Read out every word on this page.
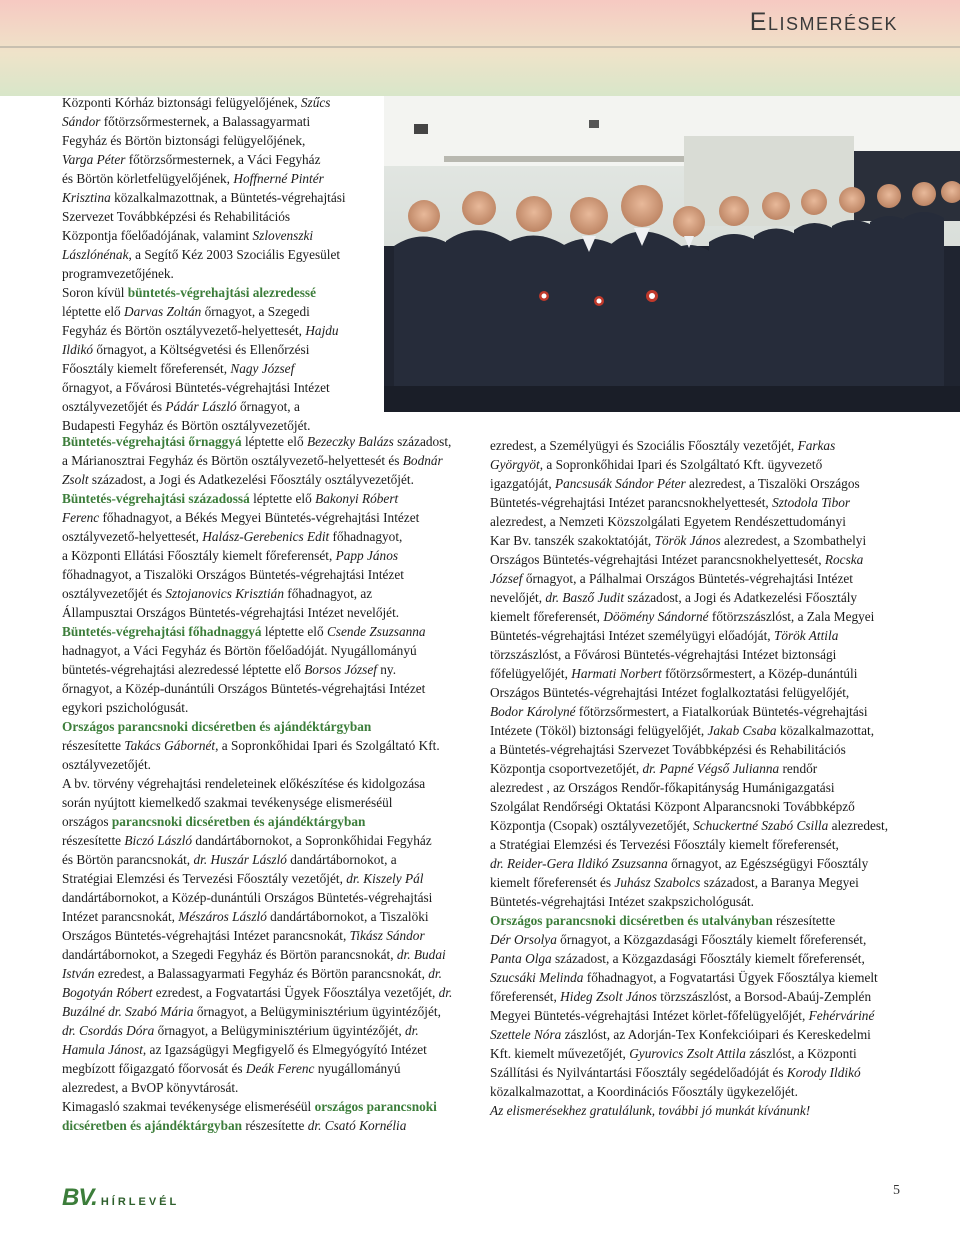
Elismerések
Központi Kórház biztonsági felügyelőjének, Szűcs
Sándor főtörzsőrmesternek, a Balassagyarmati
Fegyház és Börtön biztonsági felügyelőjének,
Varga Péter főtörzsőrmesternek, a Váci Fegyház
és Börtön körletfelügyelőjének, Hoffnerné Pintér
Krisztina közalkalmazottnak, a Büntetés-végrehajtási
Szervezet Továbbképzési és Rehabilitációs
Központja főelőadójának, valamint Szlovenszki
Lászlónénak, a Segítő Kéz 2003 Szociális Egyesület
programvezetőjének.
Soron kívül büntetés-végrehajtási alezredessé
léptette elő Darvas Zoltán őrnagyot, a Szegedi
Fegyház és Börtön osztályvezető-helyettesét, Hajdu
Ildikó őrnagyot, a Költségvetési és Ellenőrzési
Főosztály kiemelt főreferensét, Nagy József
őrnagyot, a Fővárosi Büntetés-végrehajtási Intézet
osztályvezetőjét és Pádár László őrnagyot, a
Budapesti Fegyház és Börtön osztályvezetőjét.
Büntetés-végrehajtási őrnaggyá léptette elő Bezeczky Balázs századost,
a Márianosztrai Fegyház és Börtön osztályvezető-helyettesét és Bodnár
Zsolt századost, a Jogi és Adatkezelési Főosztály osztályvezetőjét.
Büntetés-végrehajtási századossá léptette elő Bakonyi Róbert
Ferenc főhadnagyot, a Békés Megyei Büntetés-végrehajtási Intézet
osztályvezető-helyettesét, Halász-Gerebenics Edit főhadnagyot,
a Központi Ellátási Főosztály kiemelt főreferensét, Papp János
főhadnagyot, a Tiszalöki Országos Büntetés-végrehajtási Intézet
osztályvezetőjét és Sztojanovics Krisztián főhadnagyot, az
Állampusztai Országos Büntetés-végrehajtási Intézet nevelőjét.
Büntetés-végrehajtási főhadnaggyá léptette elő Csende Zsuzsanna
hadnagyot, a Váci Fegyház és Börtön főelőadóját. Nyugállományú
büntetés-végrehajtási alezredessé léptette elő Borsos József ny.
őrnagyot, a Közép-dunántúli Országos Büntetés-végrehajtási Intézet
egykori pszichológusát.
Országos parancsnoki dicséretben és ajándéktárgyban
részesítette Takács Gábornét, a Sopronkőhidai Ipari és Szolgáltató Kft.
osztályvezetőjét.
A bv. törvény végrehajtási rendeleteinek előkészítése és kidolgozása
során nyújtott kiemelkedő szakmai tevékenysége elismeréséül
országos parancsnoki dicséretben és ajándéktárgyban
részesítette Biczó László dandártábornokot, a Sopronkőhidai Fegyház
és Börtön parancsnokát, dr. Huszár László dandártábornokot, a
Stratégiai Elemzési és Tervezési Főosztály vezetőjét, dr. Kiszely Pál
dandártábornokot, a Közép-dunántúli Országos Büntetés-végrehajtási
Intézet parancsnokát, Mészáros László dandártábornokot, a Tiszalöki
Országos Büntetés-végrehajtási Intézet parancsnokát, Tikász Sándor
dandártábornokot, a Szegedi Fegyház és Börtön parancsnokát, dr. Budai
István ezredest, a Balassagyarmati Fegyház és Börtön parancsnokát, dr.
Bogotyán Róbert ezredest, a Fogvatartási Ügyek Főosztálya vezetőjét, dr.
Buzálné dr. Szabó Mária őrnagyot, a Belügyminisztérium ügyintézőjét,
dr. Csordás Dóra őrnagyot, a Belügyminisztérium ügyintézőjét, dr.
Hamula Jánost, az Igazságügyi Megfigyelő és Elmegyógyító Intézet
megbízott főigazgató főorvosát és Deák Ferenc nyugállományú
alezredest, a BvOP könyvtárosát.
Kimagasló szakmai tevékenysége elismeréséül országos parancsnoki
dicséretben és ajándéktárgyban részesítette dr. Csató Kornélia
ezredest, a Személyügyi és Szociális Főosztály vezetőjét, Farkas
Györgyöt, a Sopronkőhidai Ipari és Szolgáltató Kft. ügyvezető
igazgatóját, Pancsusák Sándor Péter alezredest, a Tiszalöki Országos
Büntetés-végrehajtási Intézet parancsnokhelyettesét, Sztodola Tibor
alezredest, a Nemzeti Közszolgálati Egyetem Rendészettudományi
Kar Bv. tanszék szakoktatóját, Török János alezredest, a Szombathelyi
Országos Büntetés-végrehajtási Intézet parancsnokhelyettesét, Rocska
József őrnagyot, a Pálhalmai Országos Büntetés-végrehajtási Intézet
nevelőjét, dr. Basző Judit századost, a Jogi és Adatkezelési Főosztály
kiemelt főreferensét, Döömény Sándorné főtörzszászlóst, a Zala Megyei
Büntetés-végrehajtási Intézet személyügyi előadóját, Török Attila
törzszászlóst, a Fővárosi Büntetés-végrehajtási Intézet biztonsági
főfelügyelőjét, Harmati Norbert főtörzsőrmestert, a Közép-dunántúli
Országos Büntetés-végrehajtási Intézet foglalkoztatási felügyelőjét,
Bodor Károlyné főtörzsőrmestert, a Fiatalkorúak Büntetés-végrehajtási
Intézete (Tököl) biztonsági felügyelőjét, Jakab Csaba közalkalmazottat,
a Büntetés-végrehajtási Szervezet Továbbképzési és Rehabilitációs
Központja csoportvezetőjét, dr. Papné Végső Julianna rendőr
alezredest , az Országos Rendőr-főkapitányság Humánigazgatási
Szolgálat Rendőrségi Oktatási Központ Alparancsnoki Továbbképző
Központja (Csopak) osztályvezetőjét, Schuckertné Szabó Csilla alezredest,
a Stratégiai Elemzési és Tervezési Főosztály kiemelt főreferensét,
dr. Reider-Gera Ildikó Zsuzsanna őrnagyot, az Egészségügyi Főosztály
kiemelt főreferensét és Juhász Szabolcs századost, a Baranya Megyei
Büntetés-végrehajtási Intézet szakpszichológusát.
Országos parancsnoki dicséretben és utalványban részesítette
Dér Orsolya őrnagyot, a Közgazdasági Főosztály kiemelt főreferensét,
Panta Olga századost, a Közgazdasági Főosztály kiemelt főreferensét,
Szucsáki Melinda főhadnagyot, a Fogvatartási Ügyek Főosztálya kiemelt
főreferensét, Hideg Zsolt János törzszászlóst, a Borsod-Abaúj-Zemplén
Megyei Büntetés-végrehajtási Intézet körlet-főfelügyelőjét, Fehérváriné
Szettele Nóra zászlóst, az Adorján-Tex Konfekcióipari és Kereskedelmi
Kft. kiemelt művezetőjét, Gyurovics Zsolt Attila zászlóst, a Központi
Szállítási és Nyilvántartási Főosztály segédelőadóját és Korody Ildikó
közalkalmazottat, a Koordinációs Főosztály ügykezelőjét.
Az elismerésekhez gratulálunk, további jó munkát kívánunk!
BV. HÍRLEVÉL
5
